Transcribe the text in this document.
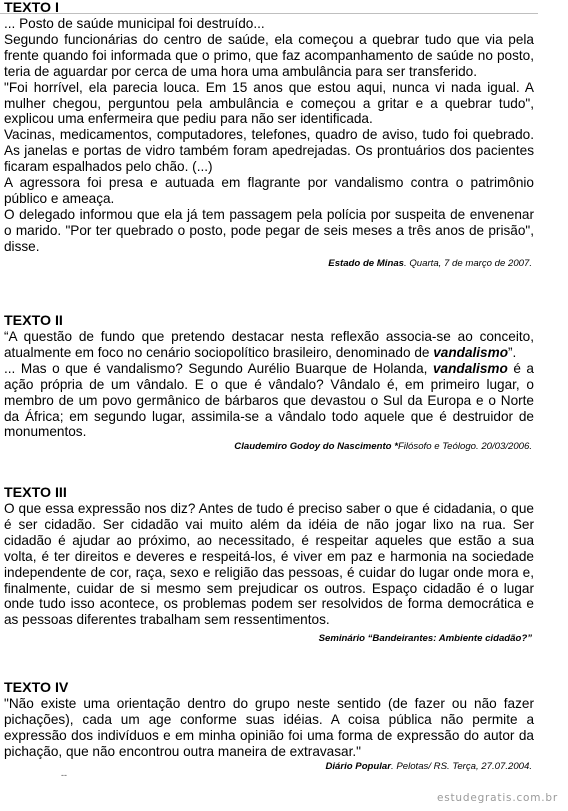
TEXTO I

... Posto de saúde municipal foi destruído...

Segundo funcionárias do centro de saúde, ela começou a quebrar tudo que via pela frente quando foi informada que o primo, que faz acompanhamento de saúde no posto, teria de aguardar por cerca de uma hora uma ambulância para ser transferido.

"Foi horrível, ela parecia louca. Em 15 anos que estou aqui, nunca vi nada igual. A mulher chegou, perguntou pela ambulância e começou a gritar e a quebrar tudo", explicou uma enfermeira que pediu para não ser identificada.

Vacinas, medicamentos, computadores, telefones, quadro de aviso, tudo foi quebrado. As janelas e portas de vidro também foram apedrejadas. Os prontuários dos pacientes ficaram espalhados pelo chão. (...)

A agressora foi presa e autuada em flagrante por vandalismo contra o patrimônio público e ameaça.

O delegado informou que ela já tem passagem pela polícia por suspeita de envenenar o marido. "Por ter quebrado o posto, pode pegar de seis meses a três anos de prisão", disse.

Estado de Minas. Quarta, 7 de março de 2007.
TEXTO II

“A questão de fundo que pretendo destacar nesta reflexão associa-se ao conceito, atualmente em foco no cenário sociopolítico brasileiro, denominado de vandalismo”.

... Mas o que é vandalismo? Segundo Aurélio Buarque de Holanda, vandalismo é a ação própria de um vândalo. E o que é vândalo? Vândalo é, em primeiro lugar, o membro de um povo germânico de bárbaros que devastou o Sul da Europa e o Norte da África; em segundo lugar, assimila-se a vândalo todo aquele que é destruidor de monumentos.

Claudemiro Godoy do Nascimento *Filósofo e Teólogo. 20/03/2006.
TEXTO III

O que essa expressão nos diz? Antes de tudo é preciso saber o que é cidadania, o que é ser cidadão. Ser cidadão vai muito além da idéia de não jogar lixo na rua. Ser cidadão é ajudar ao próximo, ao necessitado, é respeitar aqueles que estão a sua volta, é ter direitos e deveres e respeitá-los, é viver em paz e harmonia na sociedade independente de cor, raça, sexo e religião das pessoas, é cuidar do lugar onde mora e, finalmente, cuidar de si mesmo sem prejudicar os outros. Espaço cidadão é o lugar onde tudo isso acontece, os problemas podem ser resolvidos de forma democrática e as pessoas diferentes trabalham sem ressentimentos.

Seminário “Bandeirantes: Ambiente cidadão?”
TEXTO IV

"Não existe uma orientação dentro do grupo neste sentido (de fazer ou não fazer pichações), cada um age conforme suas idéias. A coisa pública não permite a expressão dos indivíduos e em minha opinião foi uma forma de expressão do autor da pichação, que não encontrou outra maneira de extravasar."

Diário Popular. Pelotas/ RS. Terça, 27.07.2004.
--
estudegratis.com.br
